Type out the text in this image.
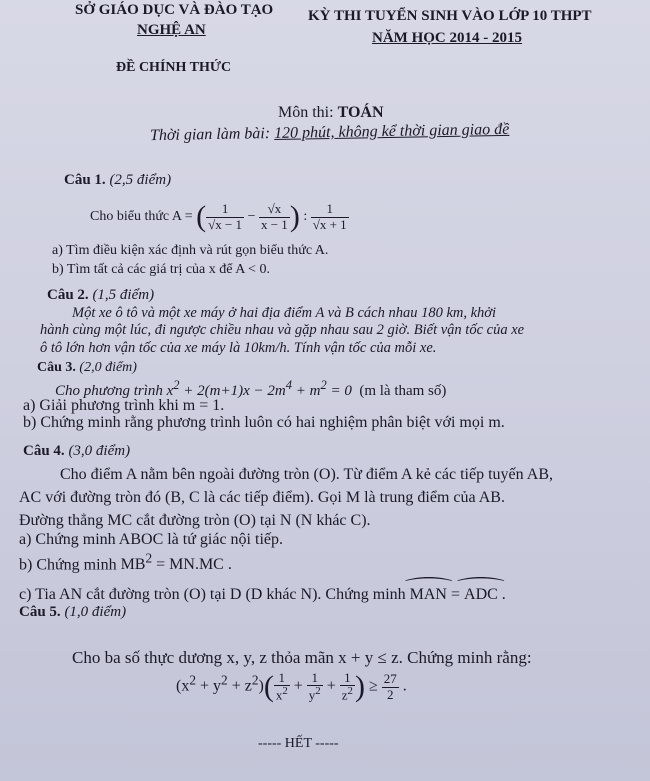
SỞ GIÁO DỤC VÀ ĐÀO TẠO
NGHỆ AN
KỲ THI TUYỂN SINH VÀO LỚP 10 THPT
NĂM HỌC 2014 - 2015
ĐỀ CHÍNH THỨC
Môn thi: TOÁN
Thời gian làm bài: 120 phút, không kể thời gian giao đề
Câu 1. (2,5 điểm)
Cho biểu thức A = ( $\frac{1}{√x - 1} - \frac{√x}{x - 1}$ ) : $\frac{1}{√x + 1}$
a) Tìm điều kiện xác định và rút gọn biểu thức A.
b) Tìm tất cả các giá trị của x để A < 0.
Câu 2. (1,5 điểm)
Một xe ô tô và một xe máy ở hai địa điểm A và B cách nhau 180 km, khởi
hành cùng một lúc, đi ngược chiều nhau và gặp nhau sau 2 giờ. Biết vận tốc của xe
ô tô lớn hơn vận tốc của xe máy là 10km/h. Tính vận tốc của mỗi xe.
Câu 3. (2,0 điểm)
Cho phương trình $x^2 + 2(m+1)x - 2m^4 + m^2 = 0$ (m là tham số)
a) Giải phương trình khi m = 1.
b) Chứng minh rằng phương trình luôn có hai nghiệm phân biệt với mọi m.
Câu 4. (3,0 điểm)
Cho điểm A nằm bên ngoài đường tròn (O). Từ điểm A kẻ các tiếp tuyến AB,
AC với đường tròn đó (B, C là các tiếp điểm). Gọi M là trung điểm của AB.
Đường thẳng MC cắt đường tròn (O) tại N (N khác C).
a) Chứng minh ABOC là tứ giác nội tiếp.
b) Chứng minh $MB^2 = MN.MC$ .
c) Tia AN cắt đường tròn (O) tại D (D khác N). Chứng minh ⌒ MAN = ⌒ ADC .
Câu 5. (1,0 điểm)
Cho ba số thực dương x, y, z thỏa mãn x + y ≤ z. Chứng minh rằng:
$(x^2 + y^2 + z^2)( \frac{1}{x^2} + \frac{1}{y^2} + \frac{1}{z^2}$ ) ≥ $\frac{27}{2}$ .
----- HẾT -----
